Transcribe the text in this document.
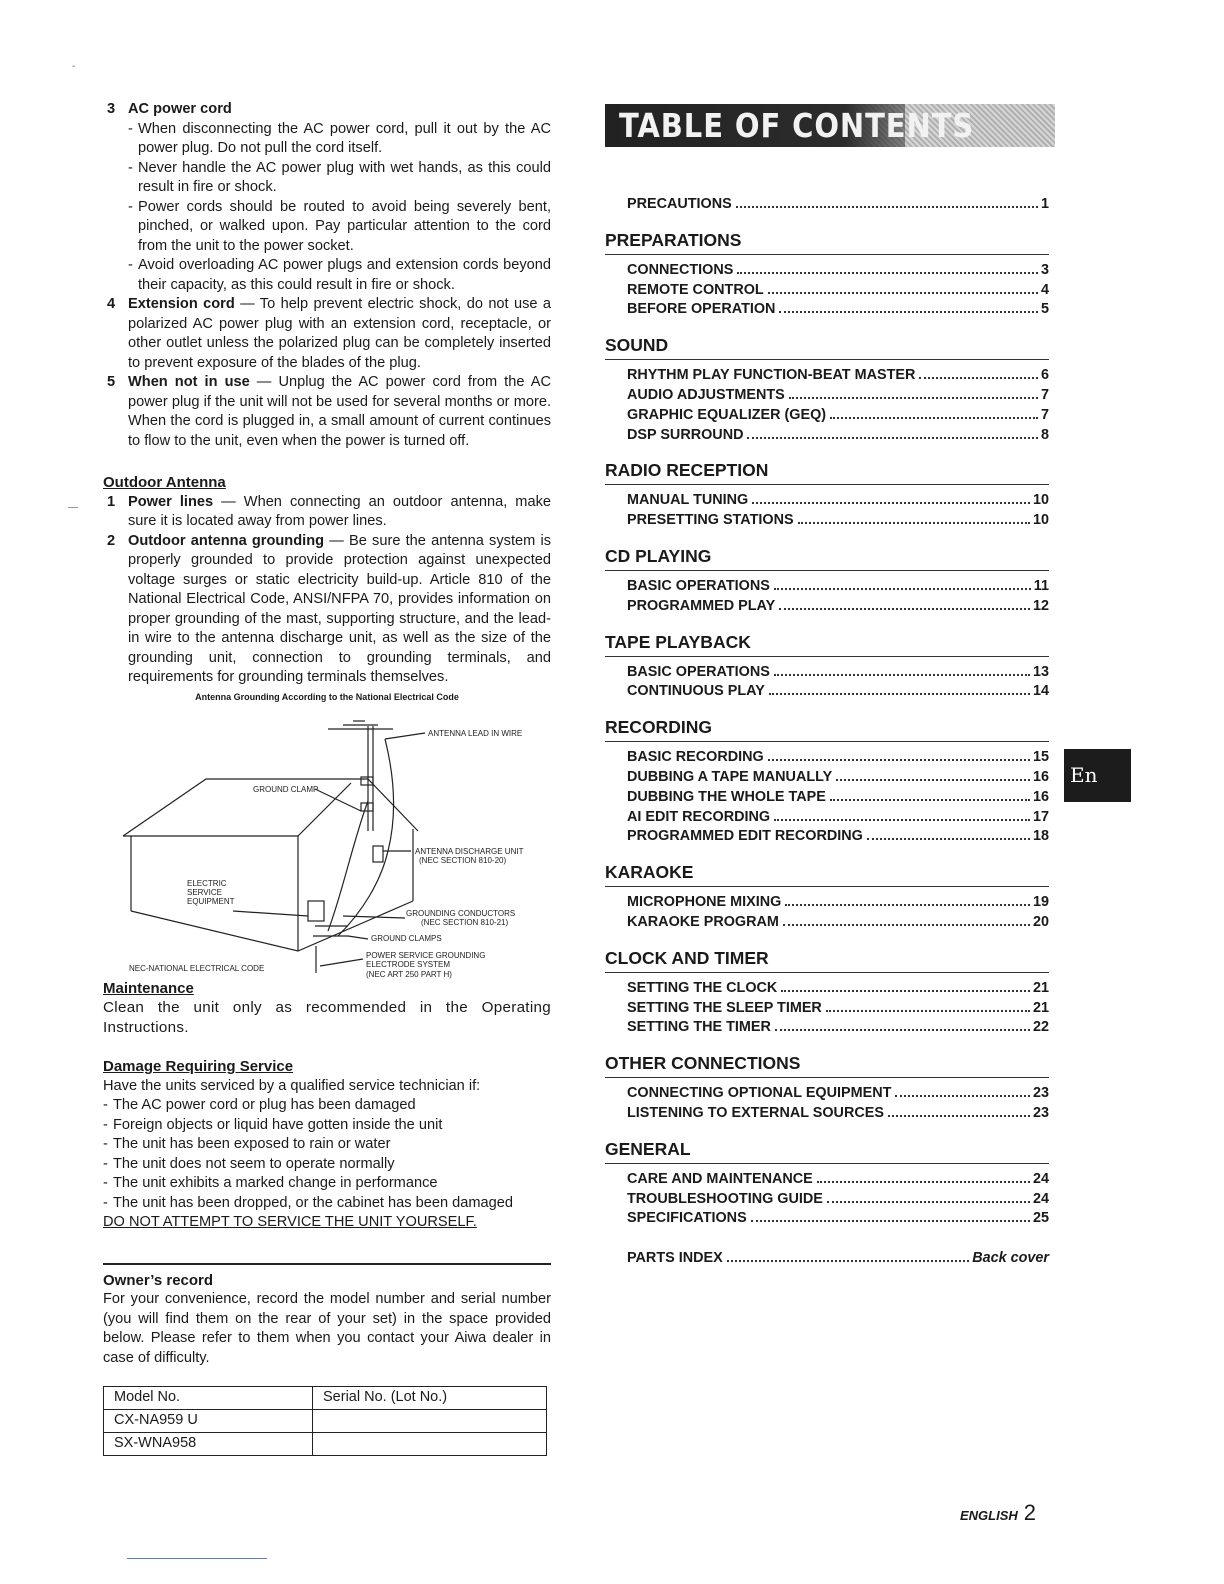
3 AC power cord
- When disconnecting the AC power cord, pull it out by the AC power plug. Do not pull the cord itself.
- Never handle the AC power plug with wet hands, as this could result in fire or shock.
- Power cords should be routed to avoid being severely bent, pinched, or walked upon. Pay particular attention to the cord from the unit to the power socket.
- Avoid overloading AC power plugs and extension cords beyond their capacity, as this could result in fire or shock.
4 Extension cord — To help prevent electric shock, do not use a polarized AC power plug with an extension cord, receptacle, or other outlet unless the polarized plug can be completely inserted to prevent exposure of the blades of the plug.
5 When not in use — Unplug the AC power cord from the AC power plug if the unit will not be used for several months or more. When the cord is plugged in, a small amount of current continues to flow to the unit, even when the power is turned off.
Outdoor Antenna
1 Power lines — When connecting an outdoor antenna, make sure it is located away from power lines.
2 Outdoor antenna grounding — Be sure the antenna system is properly grounded to provide protection against unexpected voltage surges or static electricity build-up. Article 810 of the National Electrical Code, ANSI/NFPA 70, provides information on proper grounding of the mast, supporting structure, and the lead-in wire to the antenna discharge unit, as well as the size of the grounding unit, connection to grounding terminals, and requirements for grounding terminals themselves.
Antenna Grounding According to the National Electrical Code
ANTENNA LEAD IN WIRE
GROUND CLAMP
ANTENNA DISCHARGE UNIT
(NEC SECTION 810-20)
ELECTRIC
SERVICE
EQUIPMENT
GROUNDING CONDUCTORS
(NEC SECTION 810-21)
GROUND CLAMPS
POWER SERVICE GROUNDING
ELECTRODE SYSTEM
(NEC ART 250 PART H)
NEC-NATIONAL ELECTRICAL CODE
Maintenance
Clean the unit only as recommended in the Operating Instructions.
Damage Requiring Service
Have the units serviced by a qualified service technician if:
- The AC power cord or plug has been damaged
- Foreign objects or liquid have gotten inside the unit
- The unit has been exposed to rain or water
- The unit does not seem to operate normally
- The unit exhibits a marked change in performance
- The unit has been dropped, or the cabinet has been damaged
DO NOT ATTEMPT TO SERVICE THE UNIT YOURSELF.
Owner’s record
For your convenience, record the model number and serial number (you will find them on the rear of your set) in the space provided below. Please refer to them when you contact your Aiwa dealer in case of difficulty.
Model No.	Serial No. (Lot No.)
CX-NA959 U	
SX-WNA958	
-
—
TABLE OF CONTENTS
PRECAUTIONS	1
PREPARATIONS
CONNECTIONS	3
REMOTE CONTROL	4
BEFORE OPERATION	5
SOUND
RHYTHM PLAY FUNCTION-BEAT MASTER	6
AUDIO ADJUSTMENTS	7
GRAPHIC EQUALIZER (GEQ)	7
DSP SURROUND	8
RADIO RECEPTION
MANUAL TUNING	10
PRESETTING STATIONS	10
CD PLAYING
BASIC OPERATIONS	11
PROGRAMMED PLAY	12
TAPE PLAYBACK
BASIC OPERATIONS	13
CONTINUOUS PLAY	14
RECORDING
BASIC RECORDING	15
DUBBING A TAPE MANUALLY	16
DUBBING THE WHOLE TAPE	16
AI EDIT RECORDING	17
PROGRAMMED EDIT RECORDING	18
KARAOKE
MICROPHONE MIXING	19
KARAOKE PROGRAM	20
CLOCK AND TIMER
SETTING THE CLOCK	21
SETTING THE SLEEP TIMER	21
SETTING THE TIMER	22
OTHER CONNECTIONS
CONNECTING OPTIONAL EQUIPMENT	23
LISTENING TO EXTERNAL SOURCES	23
GENERAL
CARE AND MAINTENANCE	24
TROUBLESHOOTING GUIDE	24
SPECIFICATIONS	25
PARTS INDEX	Back cover
En
ENGLISH 2
